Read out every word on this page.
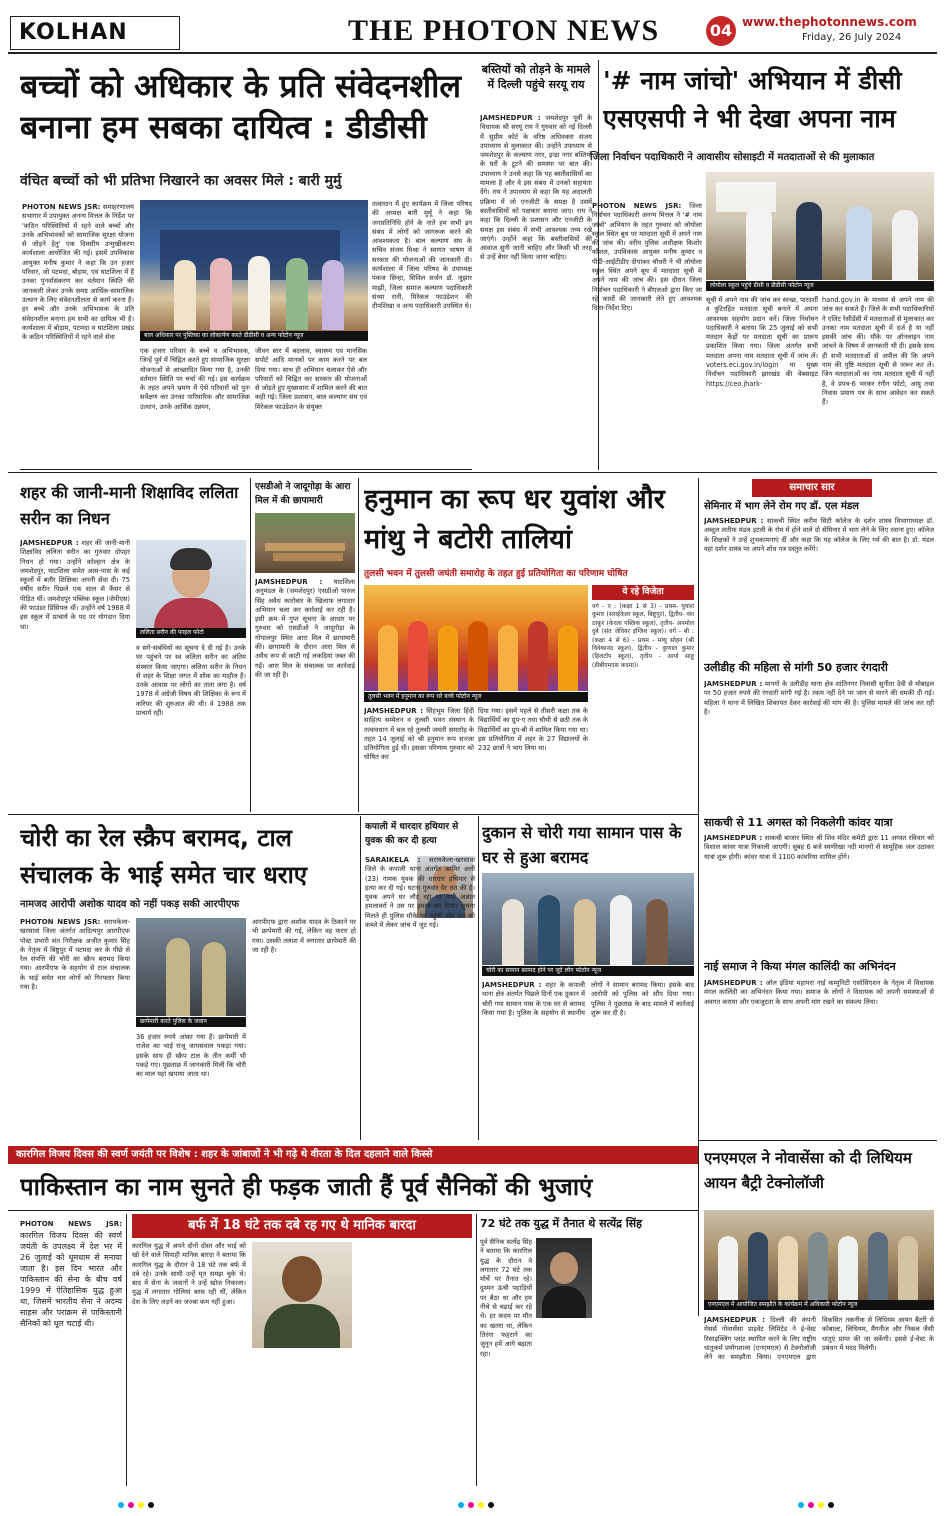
KOLHAN	THE PHOTON NEWS	04 www.thephotonnews.com
Friday, 26 July 2024
बच्चों को अधिकार के प्रति संवेदनशील बनाना हम सबका दायित्व : डीडीसी
वंचित बच्चों को भी प्रतिभा निखारने का अवसर मिले : बारी मुर्मु

PHOTON NEWS JSR: समाहरणालय सभागार में उपायुक्त अनन्य मित्तल के निर्देश पर 'कठिन परिस्थितियों में रहने वाले बच्चों और उनके अभिभावकों को सामाजिक सुरक्षा योजना से जोड़ने हेतु' एक दिवसीय उन्मुखीकरण कार्यशाला आयोजित की गई। इसमें उपविकास आयुक्त मनीष कुमार ने कहा कि उन हजार परिवार, जो पटमदा, बोड़ाम, एवं घाटशिला में हैं उनका पुनर्वासकरण कर वर्तमान स्थिति की जानकारी लेकर उनके समग्र आर्थिक-सामाजिक उत्थान के लिए संवेदनशीलता से कार्य करना है। हर बच्चे और उनके अभिभावक के प्रति संवेदनशील बनाना हम सभी का दायित्व भी है। कार्यशाला में बोड़ाम, पटमदा व घाटशिला प्रखंड के कठिन परिस्थितियों में रहने वाले सेवा	बाल अधिकार पर पुस्तिका का लोकार्पण करते डीडीसी व अन्य फोटोन न्यूज
तत्वाधान में हुए कार्यक्रम में जिला परिषद की अध्यक्ष बारी मुर्मू ने कहा कि जनप्रतिनिधि होने के नाते हम सभी इन संबंध में लोगों को जागरूक करने की आवश्यकता है। बाल कल्याण संघ के सचिव संजय मिश्रा ने स्वागत भाषण में सरकार की योजनाओं की जानकारी दी। कार्यशाला में जिला परिषद के उपाध्यक्ष पंकज सिन्हा, सिविल सर्जन डॉ. जुझार माझी, जिला समाज कल्याण पदाधिकारी संध्या रानी, मिरेकल फाउंडेशन की दीपशिखा व अन्य पदाधिकारी उपस्थित थे।
एक हजार परिवार के बच्चे व अभिभावक, जिन्हें पूर्व में चिह्नित करते हुए सामाजिक सुरक्षा योजनाओं से आच्छादित किया गया है, उनकी वर्तमान स्थिति पर चर्चा की गई। इस कार्यक्रम के तहत अपने भ्रमण में ऐसे परिवारों को पुनः सर्वेक्षण कर उनका पारिवारिक और सामाजिक उत्थान, उनके आर्थिक उन्नयन,
जीवन स्तर में बदलाव, स्वास्थ्य एवं मानसिक सपोर्ट आदि मानकों पर काम करने पर बल दिया गया। साथ ही अभियान चलाकर ऐसे और परिवारों को चिह्नित कर सरकार की योजनाओं से जोड़ते हुए मुख्यधारा में शामिल करने की बात कही गई। जिला प्रशासन, बाल कल्याण संघ एवं मिरेकल फाउंडेशन के संयुक्त
बस्तियों को तोड़ने के मामले में दिल्ली पहुंचे सरयू राय

JAMSHEDPUR : जमशेदपुर पूर्वी के विधायक श्री सरयू राय ने गुरुवार को नई दिल्ली में सुप्रीम कोर्ट के वरिष्ठ अधिवक्ता संजय उपाध्याय से मुलाकात की। उन्होंने उपाध्याय से जमशेदपुर के कल्याण नगर, इन्द्रा नगर बस्तियों के घरों के टूटने की समस्या पर बात की। उपाध्याय ने उनसे कहा कि यह बस्तीवासियों का मामला है और वे इस संबंध में उनको सहायता देंगे। राय ने उपाध्याय से कहा कि यह अदालती प्रक्रिया में जो एनजीटी के समक्ष है उसमें बस्तीवासियों को पक्षकार बनाया जाए। राय ने कहा कि दिल्ली के प्रशासन और एनजीटी के समक्ष इस संबंध में सभी आवश्यक तथ्य रखे जाएंगे। उन्होंने कहा कि बस्तीवासियों की आवाज सुनी जानी चाहिए और किसी भी तरह से उन्हें बेघर नहीं किया जाना चाहिए।

'# नाम जांचो' अभियान में डीसी एसएसपी ने भी देखा अपना नाम
जिला निर्वाचन पदाधिकारी ने आवासीय सोसाइटी में मतदाताओं से की मुलाकात

PHOTON NEWS JSR: जिला निर्वाचन पदाधिकारी अनन्य मित्तल ने '# नाम जांचो' अभियान के तहत गुरुवार को लोयोला स्कूल स्थित बूथ पर मतदाता सूची में अपने नाम की जांच की। वरीय पुलिस अधीक्षक किशोर कौशल, उपविकास आयुक्त मनीष कुमार व पीडी-आईटीडीए दीपांकर चौधरी ने भी लोयोला स्कूल स्थित अपने बूथ में मतदाता सूची में अपने नाम की जांच की। इस दौरान जिला निर्वाचन पदाधिकारी ने बीएलओ द्वारा किए जा रहे कार्यों की जानकारी लेते हुए आवश्यक दिशा-निर्देश दिए।

लोयोला स्कूल पहुंचे डीसी व डीडीसी फोटोन न्यूज
सूची में अपने नाम की जांच कर स्वच्छ, पारदर्शी व त्रुटिरहित मतदाता सूची बनाने में अपना आवश्यक सहयोग प्रदान करें। जिला निर्वाचन पदाधिकारी ने बताया कि 25 जुलाई को सभी मतदान केंद्रों पर मतदाता सूची का प्रारूप प्रकाशित किया गया। जिला अंतर्गत सभी मतदाता अपना नाम मतदाता सूची में जांच लें। voters.eci.gov.in/login या मुख्य निर्वाचन पदाधिकारी झारखंड की वेबसाइट https://ceo.jhark-
hand.gov.in के माध्यम से अपने नाम की जांच कर सकते हैं। जिले के सभी पदाधिकारियों ने एलिट रेसीडेंसी में मतदाताओं से मुलाकात कर उनका नाम मतदाता सूची में दर्ज है या नहीं इसकी जांच की। मौके पर ऑनलाइन नाम जांचने के विषय में जानकारी भी दी। इसके साथ ही सभी मतदाताओं से अपील की कि अपने नाम की पुष्टि मतदाता सूची से जरूर कर लें। जिन मतदाताओं का नाम मतदाता सूची में नहीं है, वे प्रपत्र-6 भरकर रंगीन फोटो, आयु तथा निवास प्रमाण पत्र के साथ आवेदन कर सकते हैं।
शहर की जानी-मानी शिक्षाविद ललिता सरीन का निधन

JAMSHEDPUR : शहर की जानी-मानी शिक्षाविद ललिता सरीन का गुरुवार दोपहर निधन हो गया। उन्होंने कोल्हान क्षेत्र के जमशेदपुर, घाटशिला समेत आस-पास के कई स्कूलों में बतौर शिक्षिका अपनी सेवा दी। 75 वर्षीय सरीन पिछले एक साल से कैंसर से पीड़ित थीं। जमशेदपुर पब्लिक स्कूल (जेपीएस) की फाउंडर प्रिंसिपल थीं। उन्होंने वर्ष 1988 में इस स्कूल में प्राचार्य के पद पर योगदान दिया था।

ललिता सरीन की फाइल फोटो
व सगे-संबंधियों का सूचना दे दी गई है। उनके घर पहुंचने पर स्व ललिता सरीन का अंतिम संस्कार किया जाएगा। ललिता सरीन के निधन से शहर के शिक्षा जगत में शोक का माहौल है। उनके आवास पर लोगों का तांता लगा है। वर्ष 1978 में अंग्रेजी विषय की शिक्षिका के रूप में करियर की शुरुआत की थी। वे 1988 तक प्राचार्य रहीं।
एसडीओ ने जादूगोड़ा के आरा मिल में की छापामारी

JAMSHEDPUR : घाटशिला अनुमंडल के (जमशेदपुर) एसडीओ पारुल सिंह अवैध कारोबार के खिलाफ लगातार अभियान चला कर कार्रवाई कर रही हैं। इसी क्रम में गुप्त सूचना के आधार पर गुरुवार को एसडीओ ने जादूगोड़ा के गोपालपुर स्थित आरा मिल में छापामारी की। छापामारी के दौरान आरा मिल से अवैध रूप से काटी गई लकड़ियां जब्त की गईं। आरा मिल के संचालक पर कार्रवाई की जा रही है।

हनुमान का रूप धर युवांश और मांथु ने बटोरी तालियां
तुलसी भवन में तुलसी जयंती समारोह के तहत हुई प्रतियोगिता का परिणाम घोषित
तुलसी भवन में हनुमान का रूप धरे बच्चे फोटोन न्यूज
ये रहे विजेता
वर्ग - ए : (कक्षा 1 से 3) - प्रथम- युवांश कुमार (सराईकेला स्कूल, बिष्टुपुर), द्वितीय- वंश ठाकुर (केरला पब्लिक स्कूल), तृतीय- अनमोल दुबे (संत जेवियर इंग्लिश स्कूल)। वर्ग - बी : (कक्षा 4 से 6) - प्रथम - मांथु सोहन (श्री विवेकानंद स्कूल), द्वितीय - कुणाल कुमार (हिलटॉप स्कूल), तृतीय - आर्या साहू (डीबीएमएस कदमा)।

JAMSHEDPUR : सिंहभूम जिला हिंदी साहित्य सम्मेलन व तुलसी भवन संस्थान के तत्वावधान में चल रहे तुलसी जयंती समारोह के तहत 14 जुलाई को श्री हनुमान रूप सज्जा प्रतियोगिता हुई थी। इसका परिणाम गुरुवार को घोषित कर

दिया गया। इसमें पहले से तीसरी कक्षा तक के विद्यार्थियों का ग्रुप-ए तथा चौथी से छठी तक के विद्यार्थियों का ग्रुप-बी में शामिल किया गया था। इस प्रतियोगिता में शहर के 27 विद्यालयों के 232 छात्रों ने भाग लिया था।
समाचार सार
सेमिनार में भाग लेने रोम गए डॉ. एल मंडल

JAMSHEDPUR : साकची स्थित करीम सिटी कॉलेज के दर्शन शास्त्र विभागाध्यक्ष डॉ. अब्दुल लतीफ मंडल इटली के रोम में होने वाले दो सेमिनार में भाग लेने के लिए रवाना हुए। कॉलेज के शिक्षकों ने उन्हें शुभकामनाएं दीं और कहा कि यह कॉलेज के लिए गर्व की बात है। डॉ. मंडल वहां दर्शन शास्त्र पर अपने शोध पत्र प्रस्तुत करेंगे।

उलीडीह की महिला से मांगी 50 हजार रंगदारी

JAMSHEDPUR : मानगो के उलीडीह थाना क्षेत्र शांतिनगर निवासी सुनीता देवी से मोबाइल पर 50 हजार रुपये की रंगदारी मांगी गई है। रकम नहीं देने पर जान से मारने की धमकी दी गई। महिला ने थाना में लिखित शिकायत देकर कार्रवाई की मांग की है। पुलिस मामले की जांच कर रही है।

साकची से 11 अगस्त को निकलेगी कांवर यात्रा

JAMSHEDPUR : साकची बाजार स्थित श्री शिव मंदिर कमेटी द्वारा 11 अगस्त रविवार को विशाल कांवर यात्रा निकाली जाएगी। सुबह 6 बजे स्वर्णरेखा नदी मानगो से सामूहिक जल उठाकर यात्रा शुरू होगी। कांवर यात्रा में 1100 कांवरिया शामिल होंगे।

नाई समाज ने किया मंगल कालिंदी का अभिनंदन

JAMSHEDPUR : ऑल इंडिया महापरा नाई कम्युनिटी एसोसिएशन के नेतृत्व में विधायक मंगल कालिंदी का अभिनंदन किया गया। समाज के लोगों ने विधायक को अपनी समस्याओं से अवगत कराया और एकजुटता के साथ अपनी मांग रखने का संकल्प लिया।

चोरी का रेल स्क्रैप बरामद, टाल संचालक के भाई समेत चार धराए
नामजद आरोपी अशोक यादव को नहीं पकड़ सकी आरपीएफ

PHOTON NEWS JSR: सरायकेला-खरसावां जिला अंतर्गत आदित्यपुर आरपीएफ पोस्ट प्रभारी संत निरीक्षक अजीत कुमार सिंह के नेतृत्व में बिष्टुपुर में पटमदा कर के पीछे से रेल संपत्ति की चोरी का स्क्रैप बरामद किया गया। आरपीएफ के सहयोग से टाल संचालक के भाई समेत चार लोगों को गिरफ्तार किया गया है।

छापेमारी करते पुलिस के जवान
36 हजार रुपये आंका गया है। छापेमारी में राजेश का भाई राजू जायसवाल पकड़ा गया। इसके साथ ही स्क्रैप टाल के तीन कर्मी भी पकड़े गए। पूछताछ में जानकारी मिली कि चोरी का माल यहां खपाया जाता था।
आरपीएफ द्वारा अशोक यादव के ठिकाने पर भी छापेमारी की गई, लेकिन वह फरार हो गया। उसकी तलाश में लगातार छापेमारी की जा रही है।
कपाली में धारदार हथियार से युवक की कर दी हत्या

SARAIKELA : सरायकेला-खरसावां जिले के कपाली थाना अंतर्गत आमिर अली (23) नामक युवक की धारदार हथियार से हत्या कर दी गई। घटना गुरुवार देर रात की है। युवक अपने घर लौट रहा था तभी अज्ञात हमलावरों ने उस पर हमला कर दिया। सूचना मिलते ही पुलिस मौके पर पहुंची और शव को कब्जे में लेकर जांच में जुट गई।

दुकान से चोरी गया सामान पास के घर से हुआ बरामद
चोरी का सामान बरामद होने पर जुटे लोग फोटोन न्यूज

JAMSHEDPUR : शहर के कपाली थाना क्षेत्र अंतर्गत पिछले दिनों एक दुकान में चोरी गया सामान पास के एक घर से बरामद किया गया है। पुलिस के सहयोग से स्थानीय लोगों ने सामान बरामद किया। इसके बाद आरोपी को पुलिस को सौंप दिया गया। पुलिस ने पूछताछ के बाद मामले में कार्रवाई शुरू कर दी है।

कारगिल विजय दिवस की स्वर्ण जयंती पर विशेष : शहर के जांबाजों ने भी गढ़े थे वीरता के दिल दहलाने वाले किस्से
पाकिस्तान का नाम सुनते ही फड़क जाती हैं पूर्व सैनिकों की भुजाएं

PHOTON NEWS JSR: कारगिल विजय दिवस की स्वर्ण जयंती के उपलक्ष्य में देश भर में 26 जुलाई को धूमधाम से मनाया जाता है। इस दिन भारत और पाकिस्तान की सेना के बीच वर्ष 1999 में ऐतिहासिक युद्ध हुआ था, जिसमें भारतीय सेना ने अदम्य साहस और पराक्रम से पाकिस्तानी सैनिकों को धूल चटाई थी।

बर्फ में 18 घंटे तक दबे रह गए थे मानिक बारदा
कारगिल युद्ध में अपने दोनों दोस्त और भाई को खो देने वाले सिपाही मानिक बारदा ने बताया कि कारगिल युद्ध के दौरान वे 18 घंटे तक बर्फ में दबे रहे। उनके साथी उन्हें मृत समझ चुके थे। बाद में सेना के जवानों ने उन्हें खोज निकाला। युद्ध में लगातार गोलियां बरस रही थीं, लेकिन देश के लिए लड़ने का जज्बा कम नहीं हुआ।
72 घंटे तक युद्ध में तैनात थे सत्येंद्र सिंह
पूर्व सैनिक सत्येंद्र सिंह ने बताया कि कारगिल युद्ध के दौरान वे लगातार 72 घंटे तक मोर्चे पर तैनात रहे। दुश्मन ऊंची पहाड़ियों पर बैठा था और हम नीचे से चढ़ाई कर रहे थे। हर कदम पर मौत का खतरा था, लेकिन तिरंगा फहराने का जुनून हमें आगे बढ़ाता रहा।
एनएमएल ने नोवासेंसा को दी लिथियम आयन बैट्री टेक्नोलॉजी
एनएमएल में आयोजित समझौते के कार्यक्रम में अधिकारी फोटोन न्यूज

JAMSHEDPUR : दिल्ली की कंपनी मेसर्स नोवासेंसा प्राइवेट लिमिटेड ने ई-वेस्ट रिसाइक्लिंग प्लांट स्थापित करने के लिए राष्ट्रीय धातुकर्म प्रयोगशाला (एनएमएल) से टेक्नोलॉजी लेने का समझौता किया। एनएमएल द्वारा विकसित तकनीक से लिथियम आयन बैटरी से कोबाल्ट, लिथियम, मैंगनीज और निकल जैसी धातुएं प्राप्त की जा सकेंगी। इससे ई-वेस्ट के प्रबंधन में मदद मिलेगी।
